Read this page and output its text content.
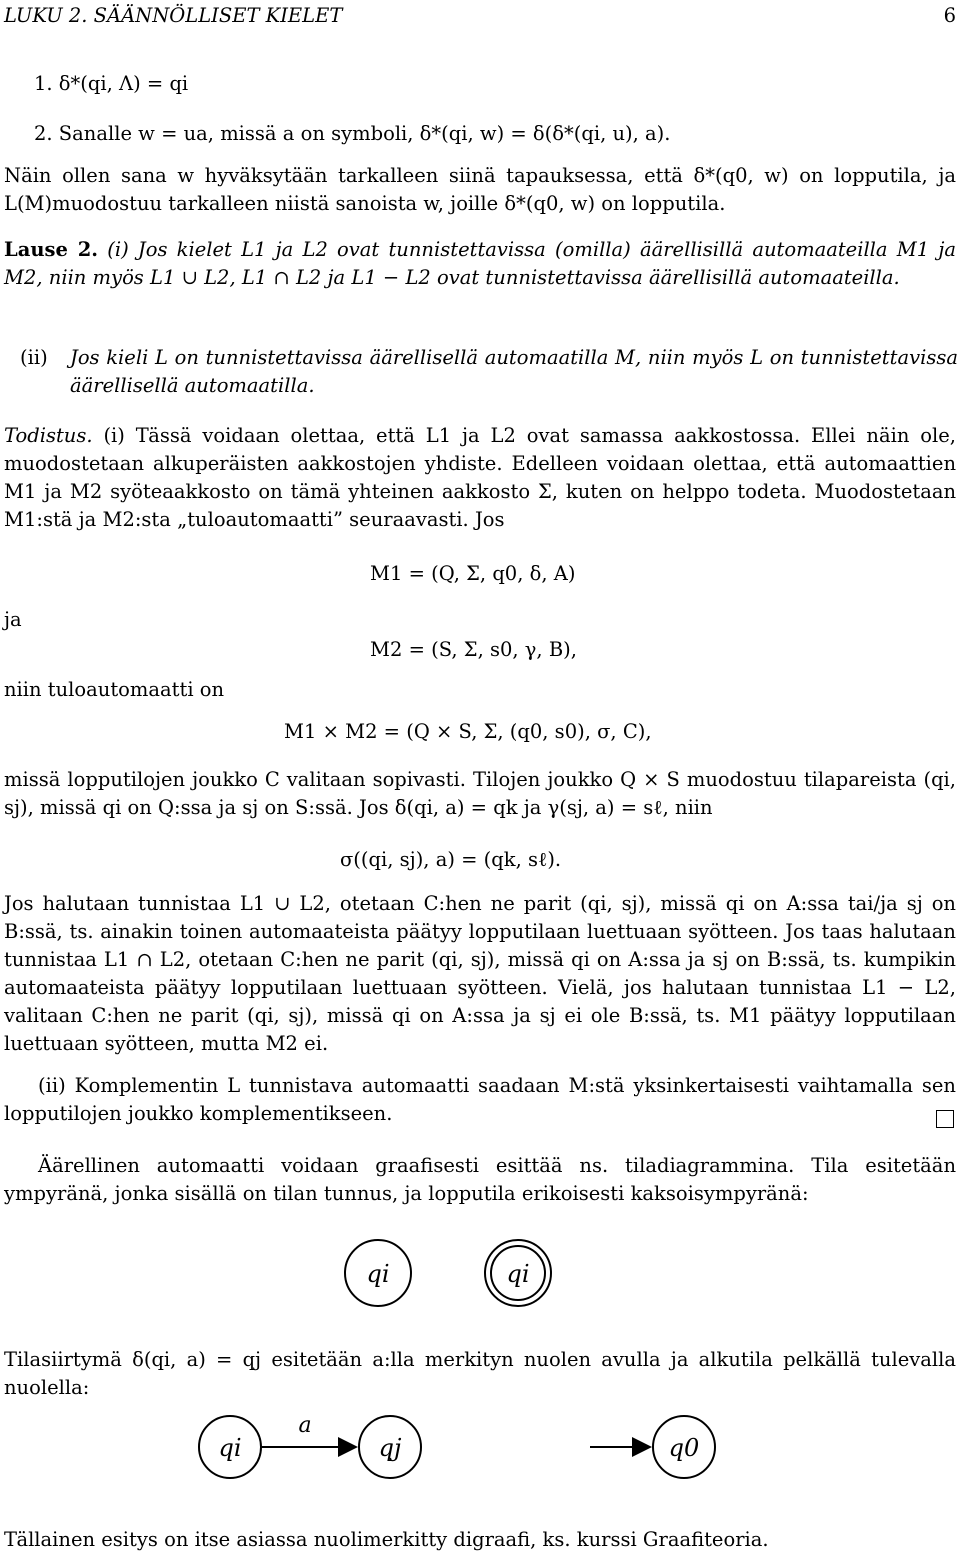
LUKU 2. SÄÄNNÖLLISET KIELET	6

1. δ*(qi, Λ) = qi

2. Sanalle w = ua, missä a on symboli, δ*(qi, w) = δ(δ*(qi, u), a).

Näin ollen sana w hyväksytään tarkalleen siinä tapauksessa, että δ*(q0, w) on lopputila, ja L(M)muodostuu tarkalleen niistä sanoista w, joille δ*(q0, w) on lopputila.

Lause 2. (i) Jos kielet L1 ja L2 ovat tunnistettavissa (omilla) äärellisillä automaateilla M1 ja M2, niin myös L1 ∪ L2, L1 ∩ L2 ja L1 − L2 ovat tunnistettavissa äärellisillä automaateilla.

(ii) Jos kieli L on tunnistettavissa äärellisellä automaatilla M, niin myös L on tunnistettavissa äärellisellä automaatilla.

Todistus. (i) Tässä voidaan olettaa, että L1 ja L2 ovat samassa aakkostossa. Ellei näin ole, muodostetaan alkuperäisten aakkostojen yhdiste. Edelleen voidaan olettaa, että automaattien M1 ja M2 syöteaakkosto on tämä yhteinen aakkosto Σ, kuten on helppo todeta. Muodostetaan M1:stä ja M2:sta „tuloautomaatti” seuraavasti. Jos

M1 = (Q, Σ, q0, δ, A)
ja
M2 = (S, Σ, s0, γ, B),
niin tuloautomaatti on
M1 × M2 = (Q × S, Σ, (q0, s0), σ, C),

missä lopputilojen joukko C valitaan sopivasti. Tilojen joukko Q × S muodostuu tilapareista (qi, sj), missä qi on Q:ssa ja sj on S:ssä. Jos δ(qi, a) = qk ja γ(sj, a) = sℓ, niin

σ((qi, sj), a) = (qk, sℓ).

Jos halutaan tunnistaa L1 ∪ L2, otetaan C:hen ne parit (qi, sj), missä qi on A:ssa tai/ja sj on B:ssä, ts. ainakin toinen automaateista päätyy lopputilaan luettuaan syötteen. Jos taas halutaan tunnistaa L1 ∩ L2, otetaan C:hen ne parit (qi, sj), missä qi on A:ssa ja sj on B:ssä, ts. kumpikin automaateista päätyy lopputilaan luettuaan syötteen. Vielä, jos halutaan tunnistaa L1 − L2, valitaan C:hen ne parit (qi, sj), missä qi on A:ssa ja sj ei ole B:ssä, ts. M1 päätyy lopputilaan luettuaan syötteen, mutta M2 ei.

(ii) Komplementin L tunnistava automaatti saadaan M:stä yksinkertaisesti vaihtamalla sen lopputilojen joukko komplementikseen.

Äärellinen automaatti voidaan graafisesti esittää ns. tiladiagrammina. Tila esitetään ympyränä, jonka sisällä on tilan tunnus, ja lopputila erikoisesti kaksoisympyränä:

qi	qi

Tilasiirtymä δ(qi, a) = qj esitetään a:lla merkityn nuolen avulla ja alkutila pelkällä tulevalla nuolella:

qi
a
qj	q0

Tällainen esitys on itse asiassa nuolimerkitty digraafi, ks. kurssi Graafiteoria.
